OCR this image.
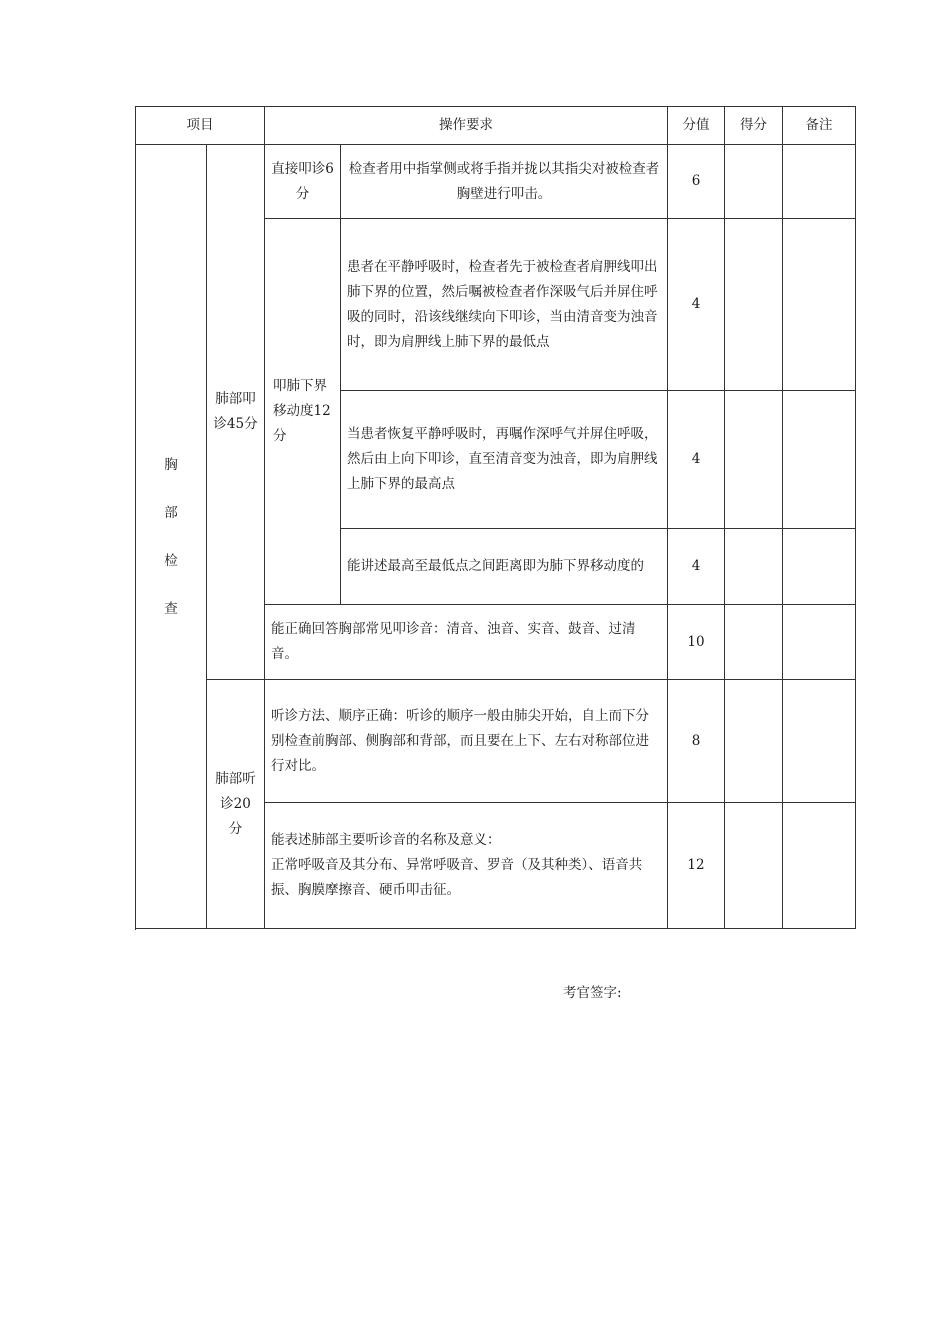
项目		操作要求		分值	得分	备注

胸
部
检
查	肺部叩诊45分	直接叩诊6分	检查者用中指掌侧或将手指并拢以其指尖对被检查者胸壁进行叩击。	6		
		叩肺下界移动度12分	患者在平静呼吸时，检查者先于被检查者肩胛线叩出肺下界的位置，然后嘱被检查者作深吸气后并屏住呼吸的同时，沿该线继续向下叩诊，当由清音变为浊音时，即为肩胛线上肺下界的最低点	4		
			当患者恢复平静呼吸时，再嘱作深呼气并屏住呼吸，然后由上向下叩诊，直至清音变为浊音，即为肩胛线上肺下界的最高点	4		
			能讲述最高至最低点之间距离即为肺下界移动度的	4		
		能正确回答胸部常见叩诊音：清音、浊音、实音、鼓音、过清音。		10		
	肺部听诊20分	听诊方法、顺序正确：听诊的顺序一般由肺尖开始，自上而下分别检查前胸部、侧胸部和背部，而且要在上下、左右对称部位进行对比。		8		

		能表述肺部主要听诊音的名称及意义：
正常呼吸音及其分布、异常呼吸音、罗音（及其种类）、语音共振、胸膜摩擦音、硬币叩击征。		12		

考官签字:
